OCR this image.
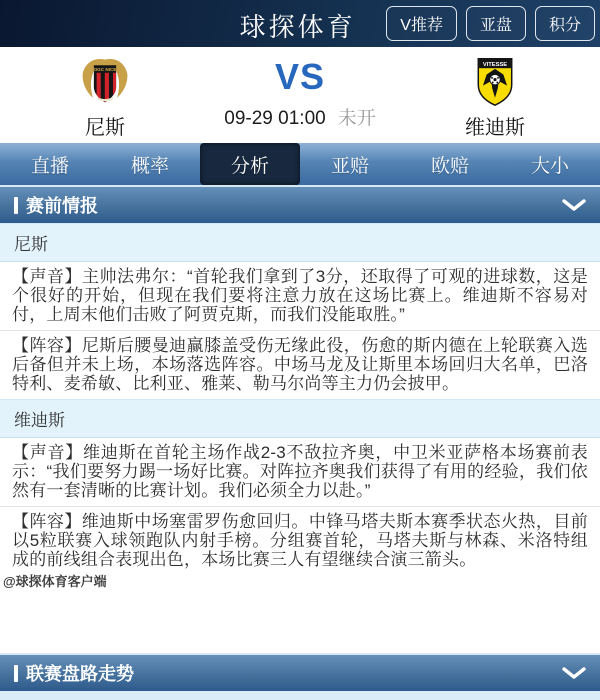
球探体育	V推荐	亚盘	积分
OGC NICE
尼斯
VS
09-29 01:00 未开
VITESSE
维迪斯
直播	概率	分析	亚赔	欧赔	大小
赛前情报
尼斯
【声音】主帅法弗尔：“首轮我们拿到了3分，还取得了可观的进球数，这是个很好的开始，但现在我们要将注意力放在这场比赛上。维迪斯不容易对付，上周末他们击败了阿贾克斯，而我们没能取胜。”
【阵容】尼斯后腰曼迪赢膝盖受伤无缘此役，伤愈的斯内德在上轮联赛入选后备但并未上场，本场落选阵容。中场马龙及让斯里本场回归大名单，巴洛特利、麦希敏、比利亚、雅莱、勒马尔尚等主力仍会披甲。
维迪斯
【声音】维迪斯在首轮主场作战2-3不敌拉齐奥，中卫米亚萨格本场赛前表示：“我们要努力踢一场好比赛。对阵拉齐奥我们获得了有用的经验，我们依然有一套清晰的比赛计划。我们必须全力以赴。”
【阵容】维迪斯中场塞雷罗伤愈回归。中锋马塔夫斯本赛季状态火热，目前以5粒联赛入球领跑队内射手榜。分组赛首轮，马塔夫斯与林森、米洛特组成的前线组合表现出色，本场比赛三人有望继续合演三箭头。
@球探体育客户端
联赛盘路走势
